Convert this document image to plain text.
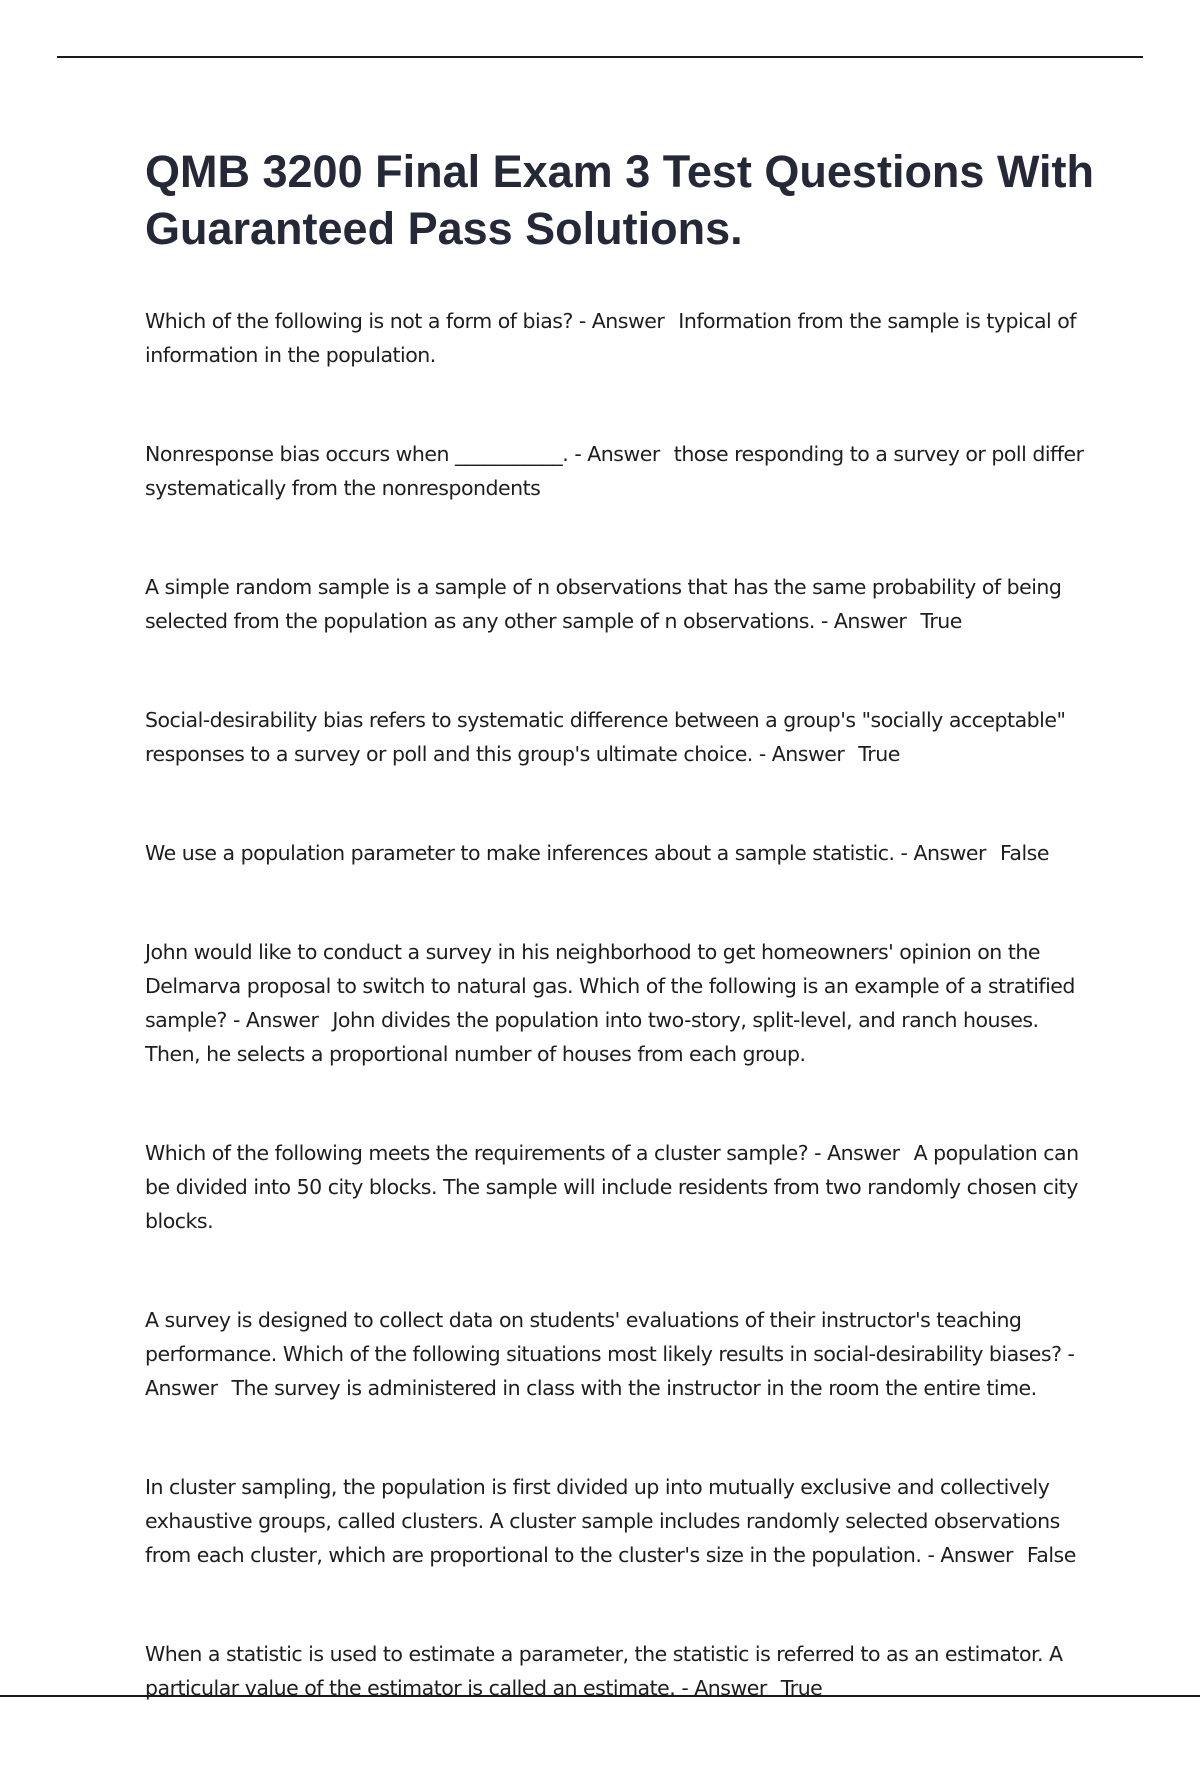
QMB 3200 Final Exam 3 Test Questions With Guaranteed Pass Solutions.

Which of the following is not a form of bias? - Answer Information from the sample is typical of information in the population.

Nonresponse bias occurs when ___________. - Answer those responding to a survey or poll differ systematically from the nonrespondents

A simple random sample is a sample of n observations that has the same probability of being selected from the population as any other sample of n observations. - Answer True

Social-desirability bias refers to systematic difference between a group's "socially acceptable" responses to a survey or poll and this group's ultimate choice. - Answer True

We use a population parameter to make inferences about a sample statistic. - Answer False

John would like to conduct a survey in his neighborhood to get homeowners' opinion on the Delmarva proposal to switch to natural gas. Which of the following is an example of a stratified sample? - Answer John divides the population into two-story, split-level, and ranch houses. Then, he selects a proportional number of houses from each group.

Which of the following meets the requirements of a cluster sample? - Answer A population can be divided into 50 city blocks. The sample will include residents from two randomly chosen city blocks.

A survey is designed to collect data on students' evaluations of their instructor's teaching performance. Which of the following situations most likely results in social-desirability biases? - Answer The survey is administered in class with the instructor in the room the entire time.

In cluster sampling, the population is first divided up into mutually exclusive and collectively exhaustive groups, called clusters. A cluster sample includes randomly selected observations from each cluster, which are proportional to the cluster's size in the population. - Answer False

When a statistic is used to estimate a parameter, the statistic is referred to as an estimator. A particular value of the estimator is called an estimate. - Answer True
